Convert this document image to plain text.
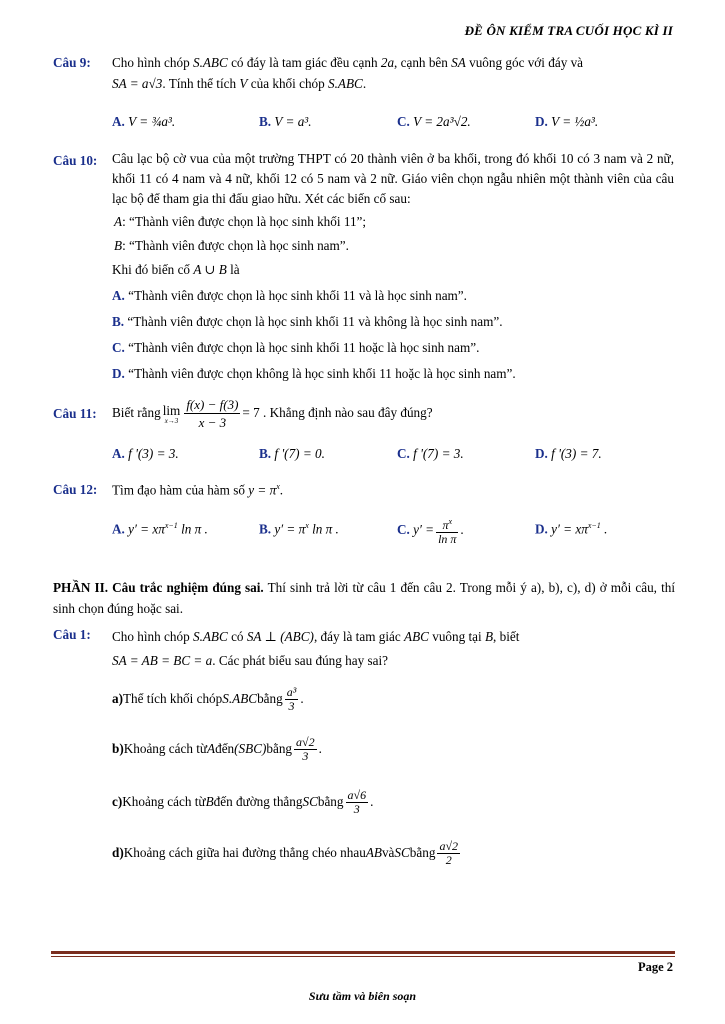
ĐỀ ÔN KIỂM TRA CUỐI HỌC KÌ II
Câu 9: Cho hình chóp S.ABC có đáy là tam giác đều cạnh 2a, cạnh bên SA vuông góc với đáy và
SA = a√3. Tính thể tích V của khối chóp S.ABC.
A. V = ¾a³.	B. V = a³.	C. V = 2a³√2.	D. V = ½a³.
Câu 10: Câu lạc bộ cờ vua của một trường THPT có 20 thành viên ở ba khối, trong đó khối 10 có 3 nam và 2 nữ, khối 11 có 4 nam và 4 nữ, khối 12 có 5 nam và 2 nữ. Giáo viên chọn ngẫu nhiên một thành viên của câu lạc bộ để tham gia thi đấu giao hữu. Xét các biến cố sau:
A: “Thành viên được chọn là học sinh khối 11”;
B: “Thành viên được chọn là học sinh nam”.
Khi đó biến cố A ∪ B là
A. “Thành viên được chọn là học sinh khối 11 và là học sinh nam”.
B. “Thành viên được chọn là học sinh khối 11 và không là học sinh nam”.
C. “Thành viên được chọn là học sinh khối 11 hoặc là học sinh nam”.
D. “Thành viên được chọn không là học sinh khối 11 hoặc là học sinh nam”.
Câu 11: Biết rằng lim
$x\to 3 \frac{f(x) - f(3)}{x - 3} = 7$
. Khẳng định nào sau đây đúng?
A. f '(3) = 3.	B. f '(7) = 0.	C. f '(7) = 3.	D. f '(3) = 7.
Câu 12: Tìm đạo hàm của hàm số $y = \pi^x$.
A. $y' = x\pi^{x-1}$ ln π .	B. $y' = \pi^x$ ln π .	C.
$y' = \frac{\pi^x}{\text{ln π}}$ .	D. $y' = x\pi^{x-1}$ .
PHẦN II. Câu trắc nghiệm đúng sai. Thí sinh trả lời từ câu 1 đến câu 2. Trong mỗi ý a), b), c), d) ở mỗi câu, thí sinh chọn đúng hoặc sai.
Câu 1: Cho hình chóp S.ABC có SA ⊥ (ABC), đáy là tam giác ABC vuông tại B, biết
SA = AB = BC = a. Các phát biểu sau đúng hay sai?
a) Thể tích khối chóp S.ABC bằng $\frac{\text{a³}}{3}$ .
b) Khoảng cách từ A đến (SBC) bằng $\frac{a√2}{3}$ .
c) Khoảng cách từ B đến đường thẳng SC bằng $\frac{a√6}{3}$ .
d) Khoảng cách giữa hai đường thẳng chéo nhau AB và SC bằng $\frac{a√2}{2}$
Page 2
Sưu tầm và biên soạn
